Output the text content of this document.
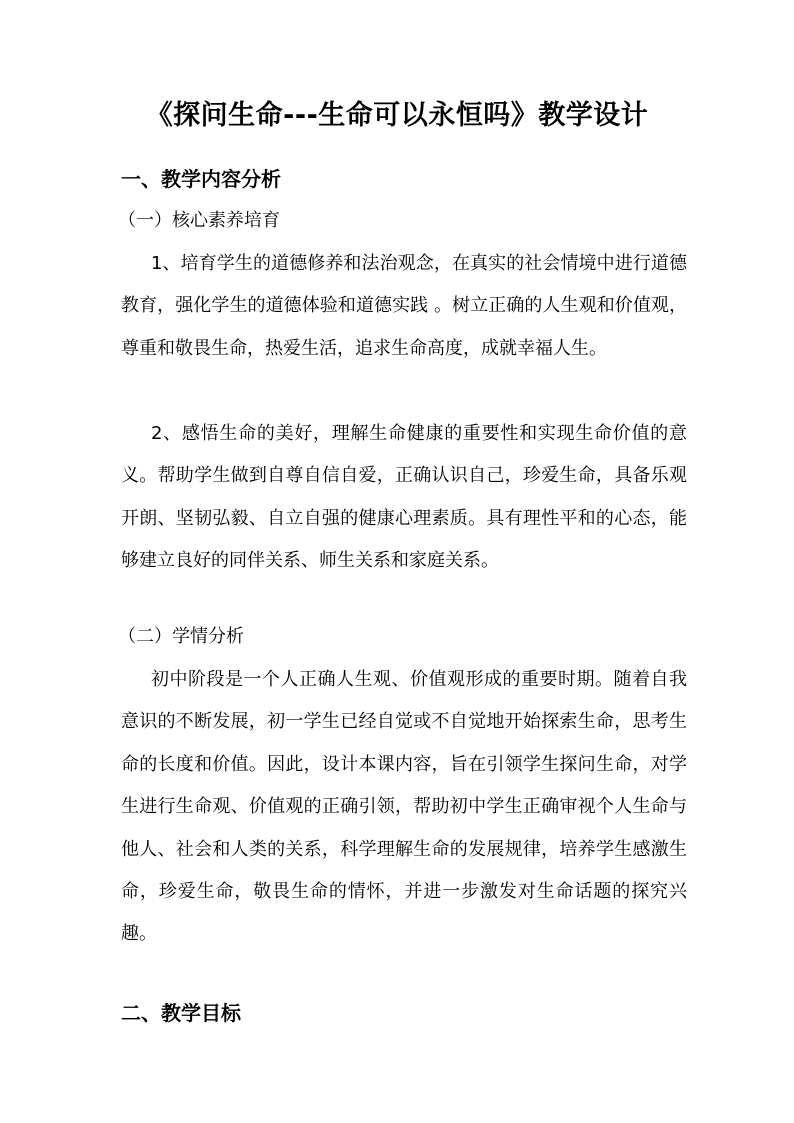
《探问生命---生命可以永恒吗》教学设计
一、教学内容分析
（一）核心素养培育
1、培育学生的道德修养和法治观念，在真实的社会情境中进行道德教育，强化学生的道德体验和道德实践 。树立正确的人生观和价值观，尊重和敬畏生命，热爱生活，追求生命高度，成就幸福人生。
2、感悟生命的美好，理解生命健康的重要性和实现生命价值的意义。帮助学生做到自尊自信自爱，正确认识自己，珍爱生命，具备乐观开朗、坚韧弘毅、自立自强的健康心理素质。具有理性平和的心态，能够建立良好的同伴关系、师生关系和家庭关系。
（二）学情分析
初中阶段是一个人正确人生观、价值观形成的重要时期。随着自我意识的不断发展，初一学生已经自觉或不自觉地开始探索生命，思考生命的长度和价值。因此，设计本课内容，旨在引领学生探问生命，对学生进行生命观、价值观的正确引领，帮助初中学生正确审视个人生命与他人、社会和人类的关系，科学理解生命的发展规律，培养学生感激生命，珍爱生命，敬畏生命的情怀，并进一步激发对生命话题的探究兴趣。
二、教学目标
